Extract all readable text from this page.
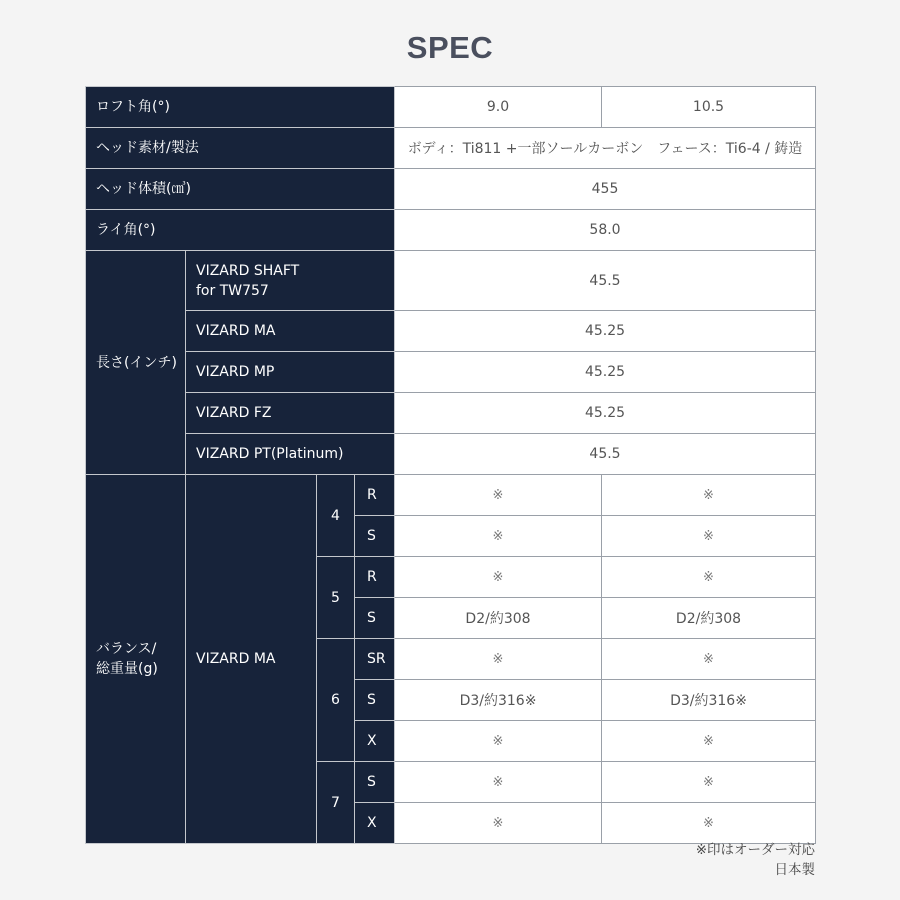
SPEC
ロフト角(°)				9.0	10.5
ヘッド素材/製法				ボディ：Ti811 +一部ソールカーボン　フェース：Ti6-4 / 鋳造	
ヘッド体積(㎤)				455	
ライ角(°)				58.0	
長さ(インチ)	VIZARD SHAFT
for TW757			45.5	
	VIZARD MA			45.25	
	VIZARD MP			45.25	
	VIZARD FZ			45.25	
	VIZARD PT(Platinum)			45.5	
バランス/
総重量(g)	VIZARD MA	4	R	※	※
			S	※	※
		5	R	※	※
			S	D2/約308	D2/約308
		6	SR	※	※
			S	D3/約316※	D3/約316※
			X	※	※
		7	S	※	※
			X	※	※
※印はオーダー対応
日本製
